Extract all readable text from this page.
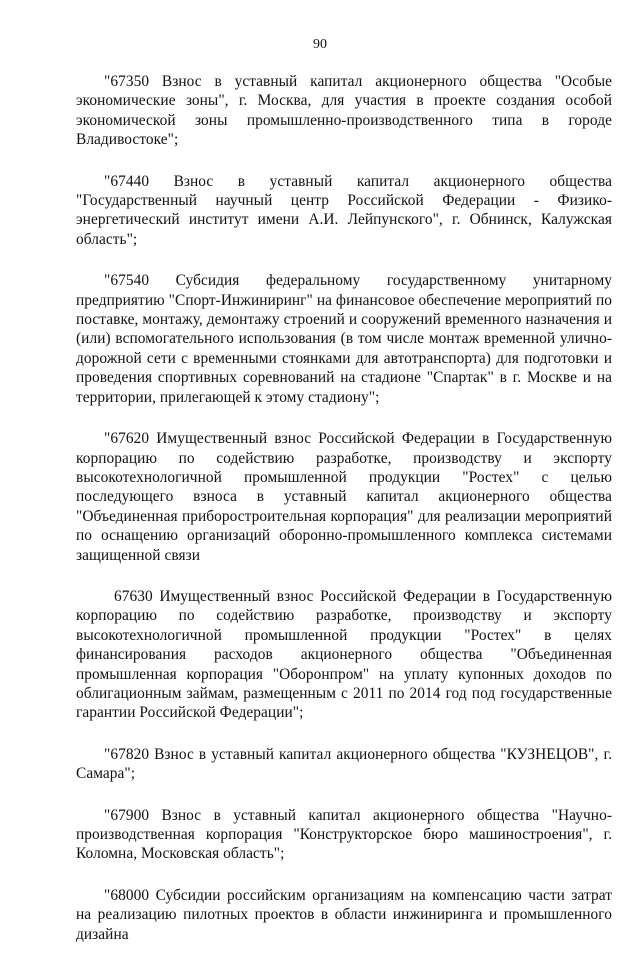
90

"67350 Взнос в уставный капитал акционерного общества "Особые экономические зоны", г. Москва, для участия в проекте создания особой экономической зоны промышленно-производственного типа в городе Владивостоке";

"67440 Взнос в уставный капитал акционерного общества "Государственный научный центр Российской Федерации - Физико-энергетический институт имени А.И. Лейпунского", г. Обнинск, Калужская область";

"67540 Субсидия федеральному государственному унитарному предприятию "Спорт-Инжиниринг" на финансовое обеспечение мероприятий по поставке, монтажу, демонтажу строений и сооружений временного назначения и (или) вспомогательного использования (в том числе монтаж временной улично-дорожной сети с временными стоянками для автотранспорта) для подготовки и проведения спортивных соревнований на стадионе "Спартак" в г. Москве и на территории, прилегающей к этому стадиону";

"67620 Имущественный взнос Российской Федерации в Государственную корпорацию по содействию разработке, производству и экспорту высокотехнологичной промышленной продукции "Ростех" с целью последующего взноса в уставный капитал акционерного общества "Объединенная приборостроительная корпорация" для реализации мероприятий по оснащению организаций оборонно-промышленного комплекса системами защищенной связи

67630 Имущественный взнос Российской Федерации в Государственную корпорацию по содействию разработке, производству и экспорту высокотехнологичной промышленной продукции "Ростех" в целях финансирования расходов акционерного общества "Объединенная промышленная корпорация "Оборонпром" на уплату купонных доходов по облигационным займам, размещенным с 2011 по 2014 год под государственные гарантии Российской Федерации";

"67820 Взнос в уставный капитал акционерного общества "КУЗНЕЦОВ", г. Самара";

"67900 Взнос в уставный капитал акционерного общества "Научно-производственная корпорация "Конструкторское бюро машиностроения", г. Коломна, Московская область";

"68000 Субсидии российским организациям на компенсацию части затрат на реализацию пилотных проектов в области инжиниринга и промышленного дизайна
